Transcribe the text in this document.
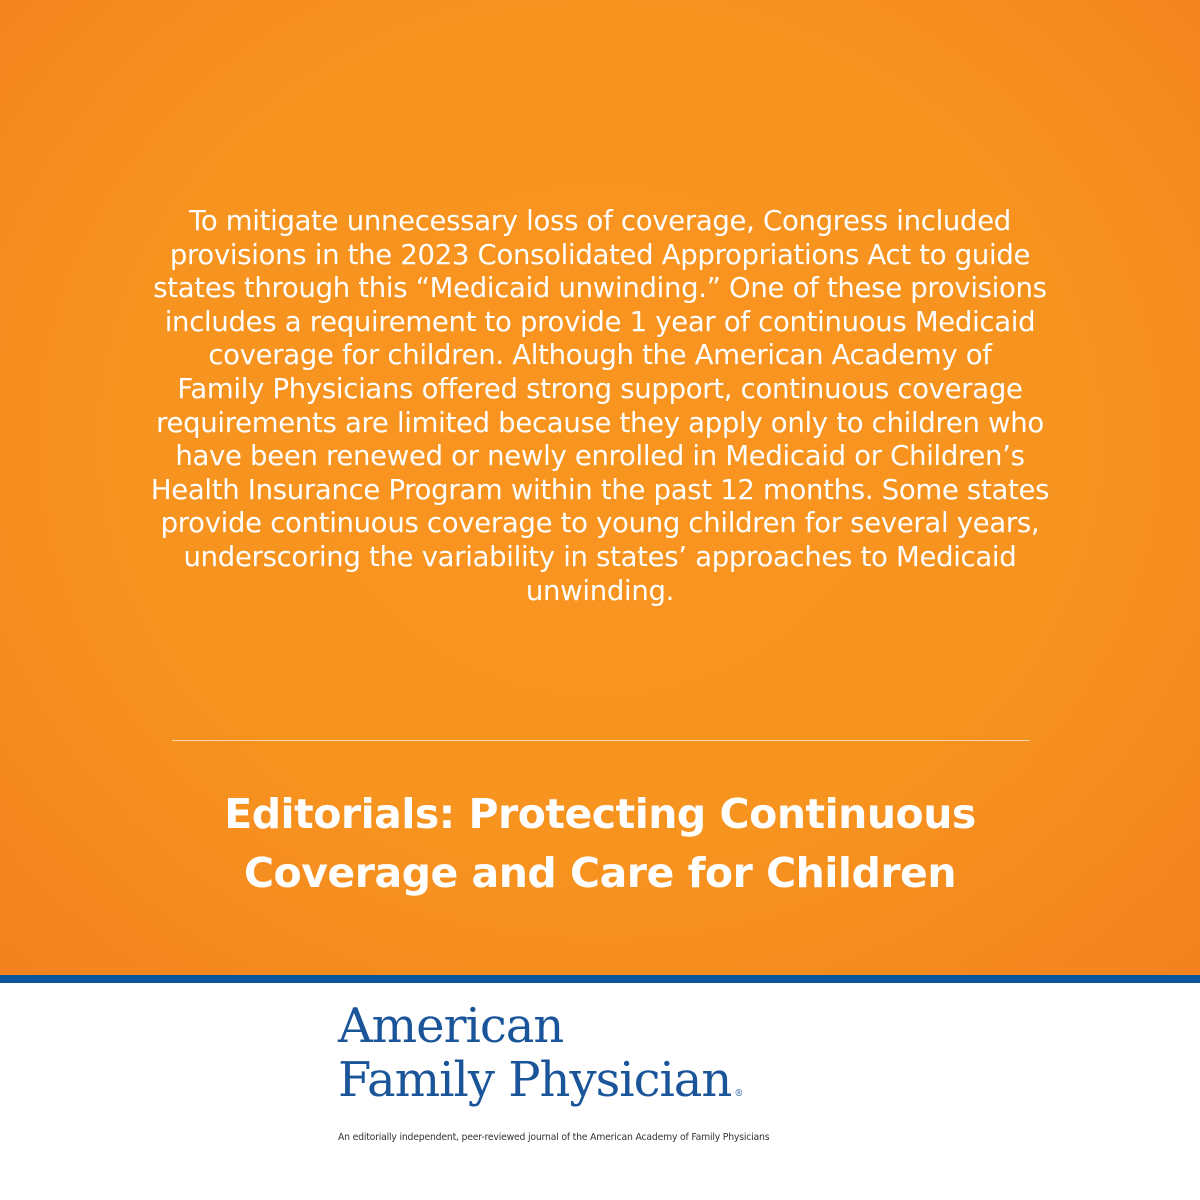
To mitigate unnecessary loss of coverage, Congress included
provisions in the 2023 Consolidated Appropriations Act to guide
states through this “Medicaid unwinding.” One of these provisions
includes a requirement to provide 1 year of continuous Medicaid
coverage for children. Although the American Academy of
Family Physicians offered strong support, continuous coverage
requirements are limited because they apply only to children who
have been renewed or newly enrolled in Medicaid or Children’s
Health Insurance Program within the past 12 months. Some states
provide continuous coverage to young children for several years,
underscoring the variability in states’ approaches to Medicaid
unwinding.
Editorials: Protecting Continuous
Coverage and Care for Children
American
Family Physician ®
An editorially independent, peer-reviewed journal of the American Academy of Family Physicians
